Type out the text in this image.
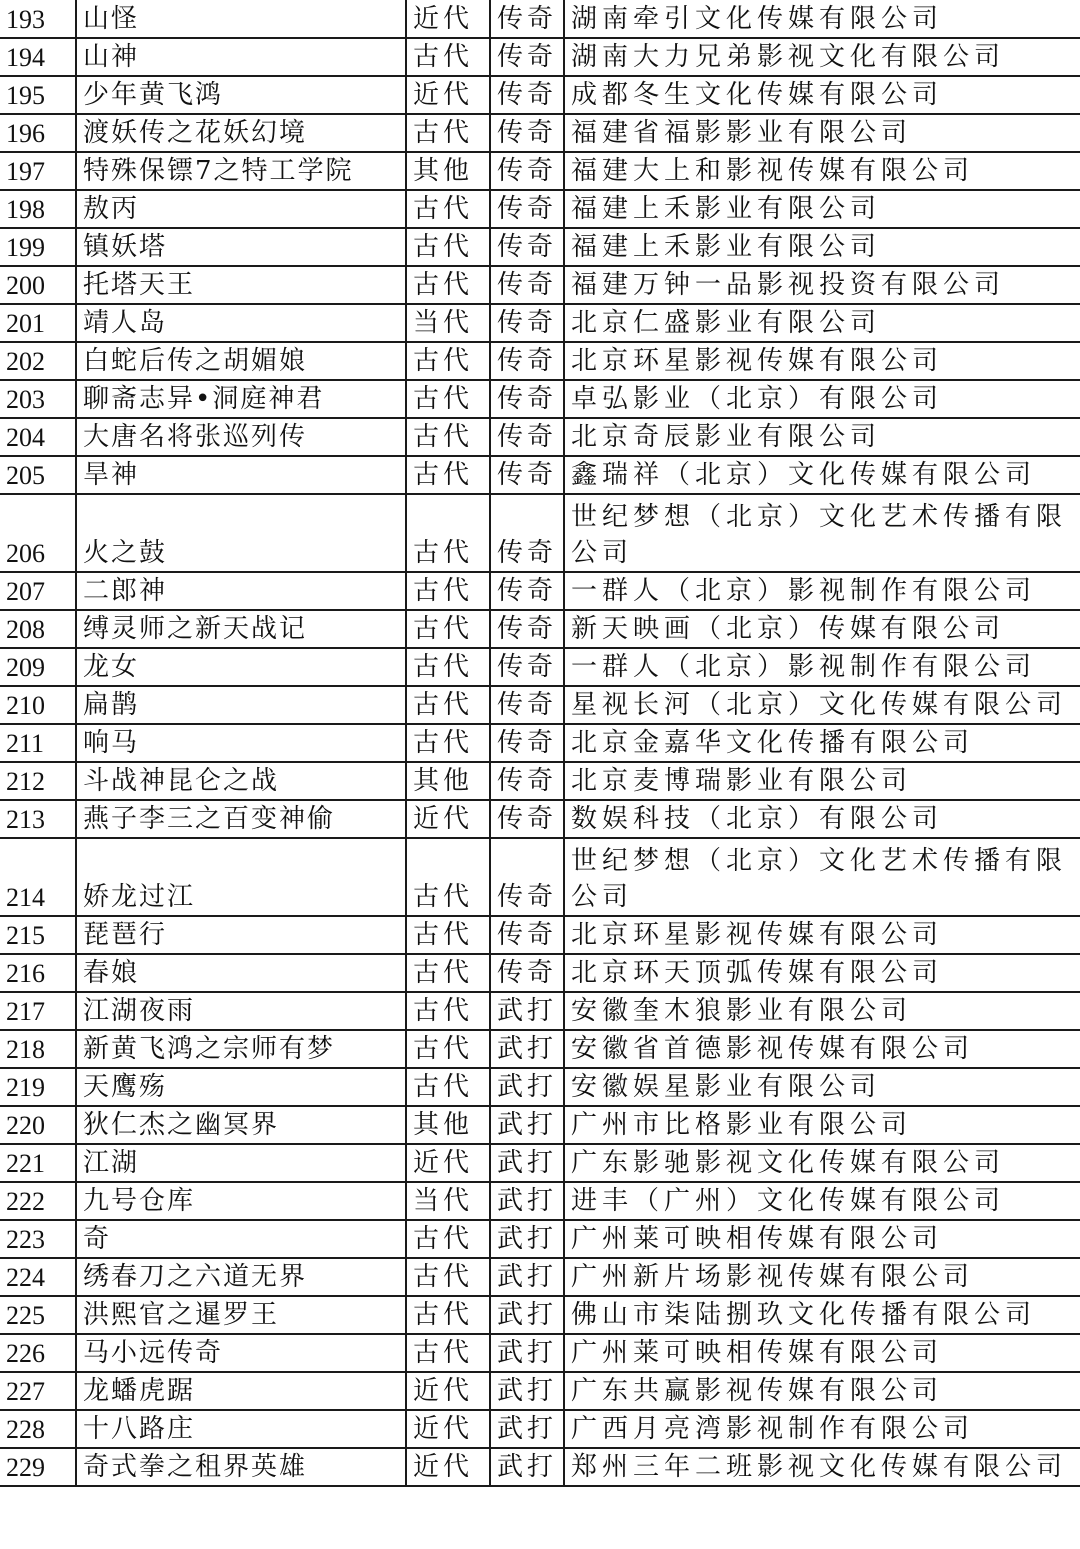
193	山怪	近代	传奇	湖南牵引文化传媒有限公司
194	山神	古代	传奇	湖南大力兄弟影视文化有限公司
195	少年黄飞鸿	近代	传奇	成都冬生文化传媒有限公司
196	渡妖传之花妖幻境	古代	传奇	福建省福影影业有限公司
197	特殊保镖7之特工学院	其他	传奇	福建大上和影视传媒有限公司
198	敖丙	古代	传奇	福建上禾影业有限公司
199	镇妖塔	古代	传奇	福建上禾影业有限公司
200	托塔天王	古代	传奇	福建万钟一品影视投资有限公司
201	靖人岛	当代	传奇	北京仁盛影业有限公司
202	白蛇后传之胡媚娘	古代	传奇	北京环星影视传媒有限公司
203	聊斋志异•洞庭神君	古代	传奇	卓弘影业（北京）有限公司
204	大唐名将张巡列传	古代	传奇	北京奇辰影业有限公司
205	旱神	古代	传奇	鑫瑞祥（北京）文化传媒有限公司
206	火之鼓	古代	传奇	世纪梦想（北京）文化艺术传播有限公司
207	二郎神	古代	传奇	一群人（北京）影视制作有限公司
208	缚灵师之新天战记	古代	传奇	新天映画（北京）传媒有限公司
209	龙女	古代	传奇	一群人（北京）影视制作有限公司
210	扁鹊	古代	传奇	星视长河（北京）文化传媒有限公司
211	响马	古代	传奇	北京金嘉华文化传播有限公司
212	斗战神昆仑之战	其他	传奇	北京麦博瑞影业有限公司
213	燕子李三之百变神偷	近代	传奇	数娱科技（北京）有限公司
214	娇龙过江	古代	传奇	世纪梦想（北京）文化艺术传播有限公司
215	琵琶行	古代	传奇	北京环星影视传媒有限公司
216	春娘	古代	传奇	北京环天顶弧传媒有限公司
217	江湖夜雨	古代	武打	安徽奎木狼影业有限公司
218	新黄飞鸿之宗师有梦	古代	武打	安徽省首德影视传媒有限公司
219	天鹰殇	古代	武打	安徽娱星影业有限公司
220	狄仁杰之幽冥界	其他	武打	广州市比格影业有限公司
221	江湖	近代	武打	广东影驰影视文化传媒有限公司
222	九号仓库	当代	武打	进丰（广州）文化传媒有限公司
223	奇	古代	武打	广州莱可映相传媒有限公司
224	绣春刀之六道无界	古代	武打	广州新片场影视传媒有限公司
225	洪熙官之暹罗王	古代	武打	佛山市柒陆捌玖文化传播有限公司
226	马小远传奇	古代	武打	广州莱可映相传媒有限公司
227	龙蟠虎踞	近代	武打	广东共赢影视传媒有限公司
228	十八路庄	近代	武打	广西月亮湾影视制作有限公司
229	奇式拳之租界英雄	近代	武打	郑州三年二班影视文化传媒有限公司
